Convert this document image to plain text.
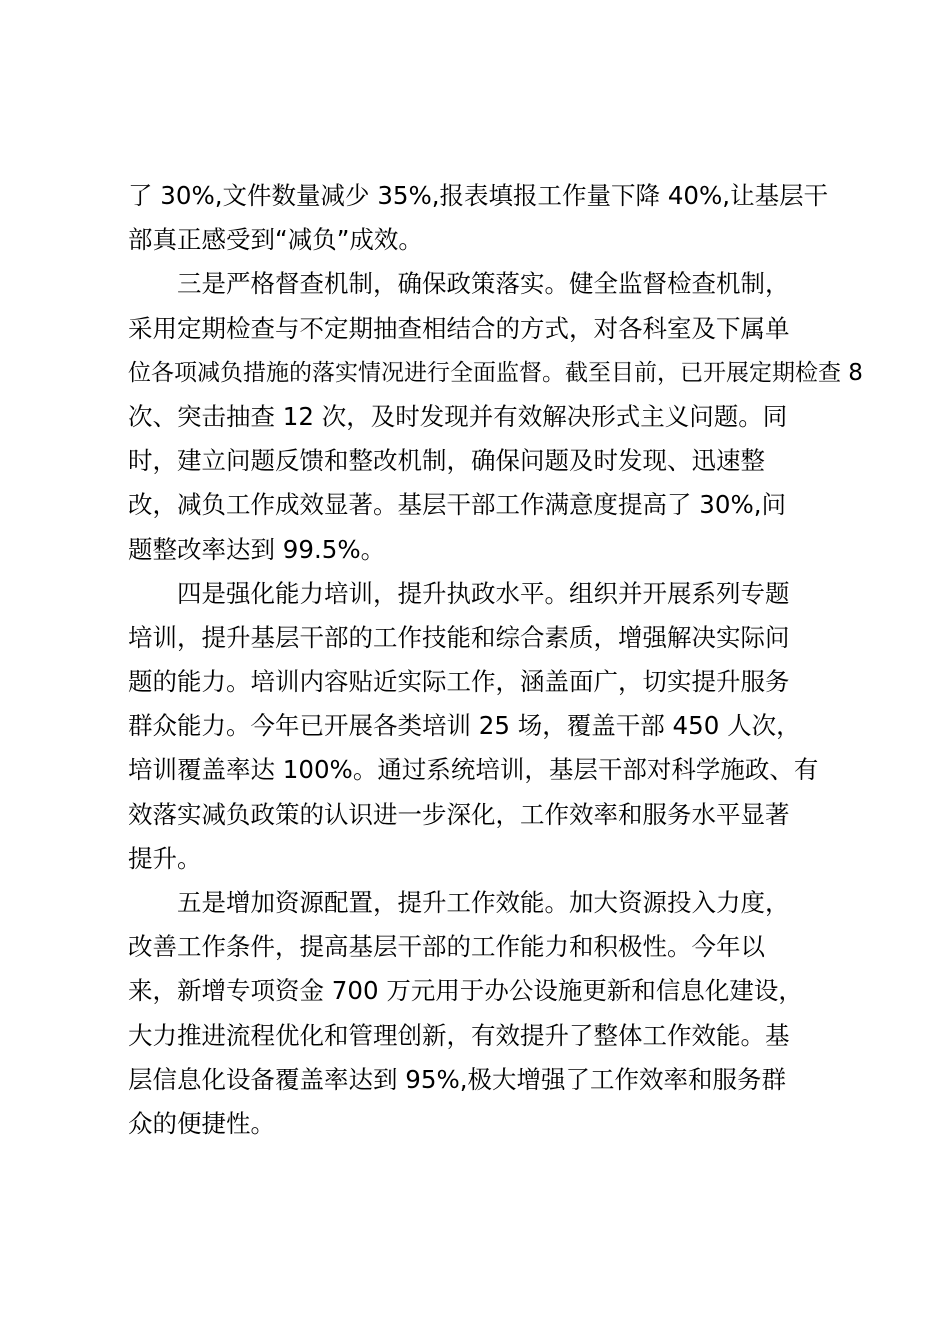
了 30%,文件数量减少 35%,报表填报工作量下降 40%,让基层干
部真正感受到“减负”成效。
三是严格督查机制，确保政策落实。健全监督检查机制，
采用定期检查与不定期抽查相结合的方式，对各科室及下属单
位各项减负措施的落实情况进行全面监督。截至目前，已开展定期检查 8
次、突击抽查 12 次，及时发现并有效解决形式主义问题。同
时，建立问题反馈和整改机制，确保问题及时发现、迅速整
改，减负工作成效显著。基层干部工作满意度提高了 30%,问
题整改率达到 99.5%。
四是强化能力培训，提升执政水平。组织并开展系列专题
培训，提升基层干部的工作技能和综合素质，增强解决实际问
题的能力。培训内容贴近实际工作，涵盖面广，切实提升服务
群众能力。今年已开展各类培训 25 场，覆盖干部 450 人次，
培训覆盖率达 100%。通过系统培训，基层干部对科学施政、有
效落实减负政策的认识进一步深化，工作效率和服务水平显著
提升。
五是增加资源配置，提升工作效能。加大资源投入力度，
改善工作条件，提高基层干部的工作能力和积极性。今年以
来，新增专项资金 700 万元用于办公设施更新和信息化建设，
大力推进流程优化和管理创新，有效提升了整体工作效能。基
层信息化设备覆盖率达到 95%,极大增强了工作效率和服务群
众的便捷性。
